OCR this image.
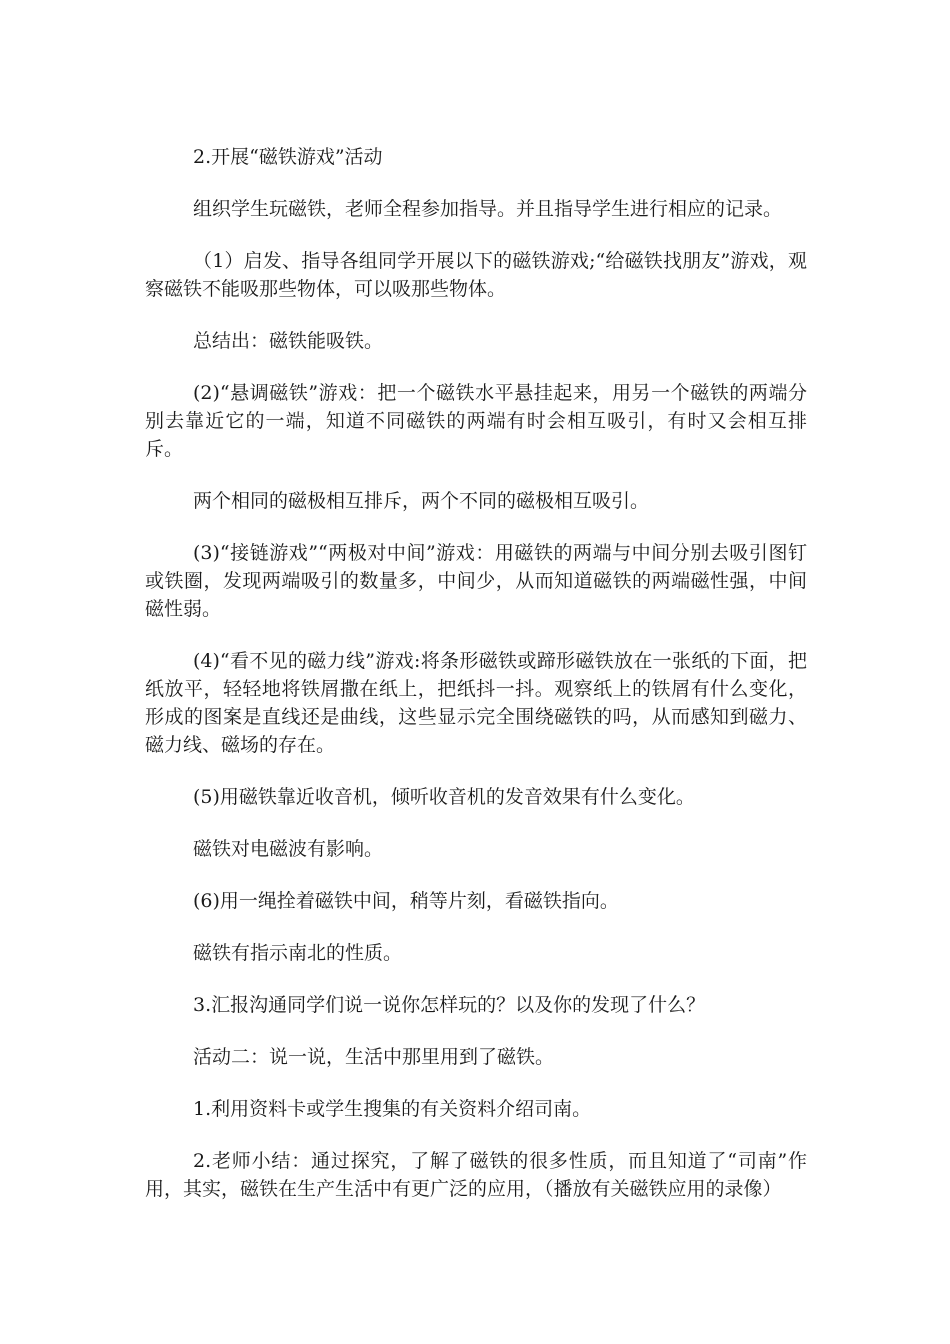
2.开展“磁铁游戏”活动

组织学生玩磁铁，老师全程参加指导。并且指导学生进行相应的记录。

（1）启发、指导各组同学开展以下的磁铁游戏;“给磁铁找朋友”游戏，观察磁铁不能吸那些物体，可以吸那些物体。

总结出：磁铁能吸铁。

(2)“悬调磁铁”游戏：把一个磁铁水平悬挂起来，用另一个磁铁的两端分别去靠近它的一端，知道不同磁铁的两端有时会相互吸引，有时又会相互排斥。

两个相同的磁极相互排斥，两个不同的磁极相互吸引。

(3)“接链游戏”“两极对中间”游戏：用磁铁的两端与中间分别去吸引图钉或铁圈，发现两端吸引的数量多，中间少，从而知道磁铁的两端磁性强，中间磁性弱。

(4)“看不见的磁力线”游戏:将条形磁铁或蹄形磁铁放在一张纸的下面，把纸放平，轻轻地将铁屑撒在纸上，把纸抖一抖。观察纸上的铁屑有什么变化，形成的图案是直线还是曲线，这些显示完全围绕磁铁的吗，从而感知到磁力、磁力线、磁场的存在。

(5)用磁铁靠近收音机，倾听收音机的发音效果有什么变化。

磁铁对电磁波有影响。

(6)用一绳拴着磁铁中间，稍等片刻，看磁铁指向。

磁铁有指示南北的性质。

3.汇报沟通同学们说一说你怎样玩的？以及你的发现了什么？

活动二：说一说，生活中那里用到了磁铁。

1.利用资料卡或学生搜集的有关资料介绍司南。

2.老师小结：通过探究，了解了磁铁的很多性质，而且知道了“司南”作用，其实，磁铁在生产生活中有更广泛的应用，（播放有关磁铁应用的录像）
